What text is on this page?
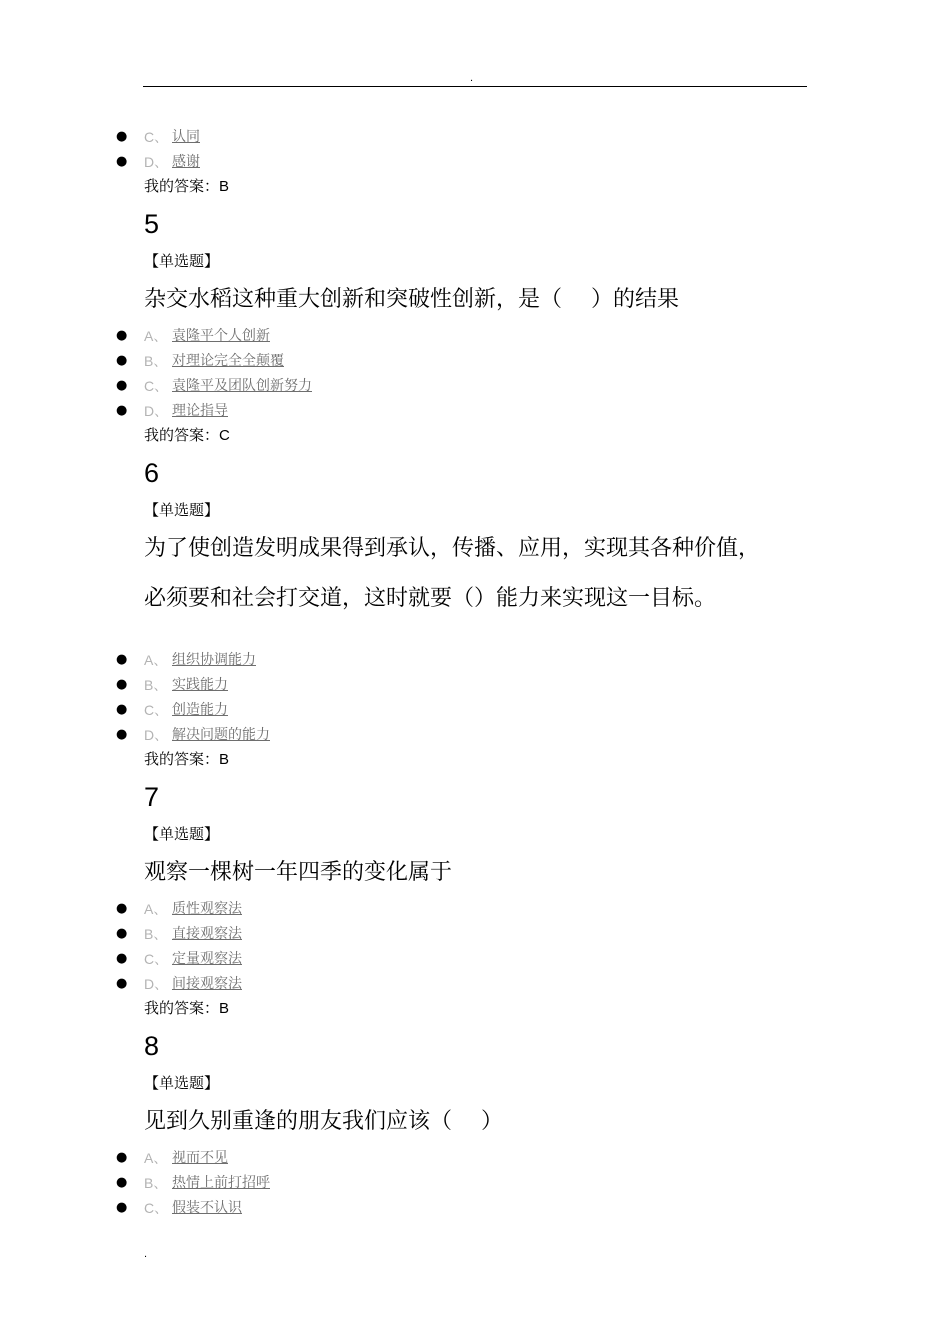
.
● C、 认同
● D、 感谢
我的答案：B
5
【单选题】
杂交水稻这种重大创新和突破性创新，是（　 ）的结果
● A、 袁隆平个人创新
● B、 对理论完全全颠覆
● C、 袁隆平及团队创新努力
● D、 理论指导
我的答案：C
6
【单选题】
为了使创造发明成果得到承认，传播、应用，实现其各种价值，
必须要和社会打交道，这时就要（）能力来实现这一目标。
● A、 组织协调能力
● B、 实践能力
● C、 创造能力
● D、 解决问题的能力
我的答案：B
7
【单选题】
观察一棵树一年四季的变化属于
● A、 质性观察法
● B、 直接观察法
● C、 定量观察法
● D、 间接观察法
我的答案：B
8
【单选题】
见到久别重逢的朋友我们应该（　 ）
● A、 视而不见
● B、 热情上前打招呼
● C、 假装不认识
.
